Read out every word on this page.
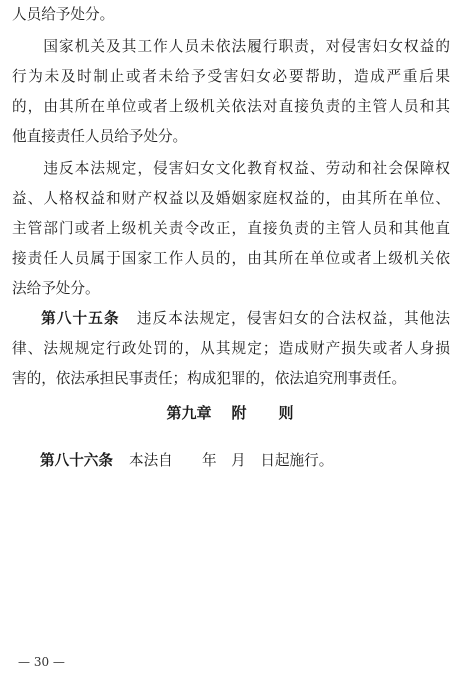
人员给予处分。
　　国家机关及其工作人员未依法履行职责，对侵害妇女权益的
行为未及时制止或者未给予受害妇女必要帮助，造成严重后果
的，由其所在单位或者上级机关依法对直接负责的主管人员和其
他直接责任人员给予处分。
　　违反本法规定，侵害妇女文化教育权益、劳动和社会保障权
益、人格权益和财产权益以及婚姻家庭权益的，由其所在单位、
主管部门或者上级机关责令改正，直接负责的主管人员和其他直
接责任人员属于国家工作人员的，由其所在单位或者上级机关依
法给予处分。
第八十五条 违反本法规定，侵害妇女的合法权益，其他法
律、法规规定行政处罚的，从其规定；造成财产损失或者人身损
害的，依法承担民事责任；构成犯罪的，依法追究刑事责任。
第九章 附 则
第八十六条 本法自　　年　月　日起施行。
— 30 —
